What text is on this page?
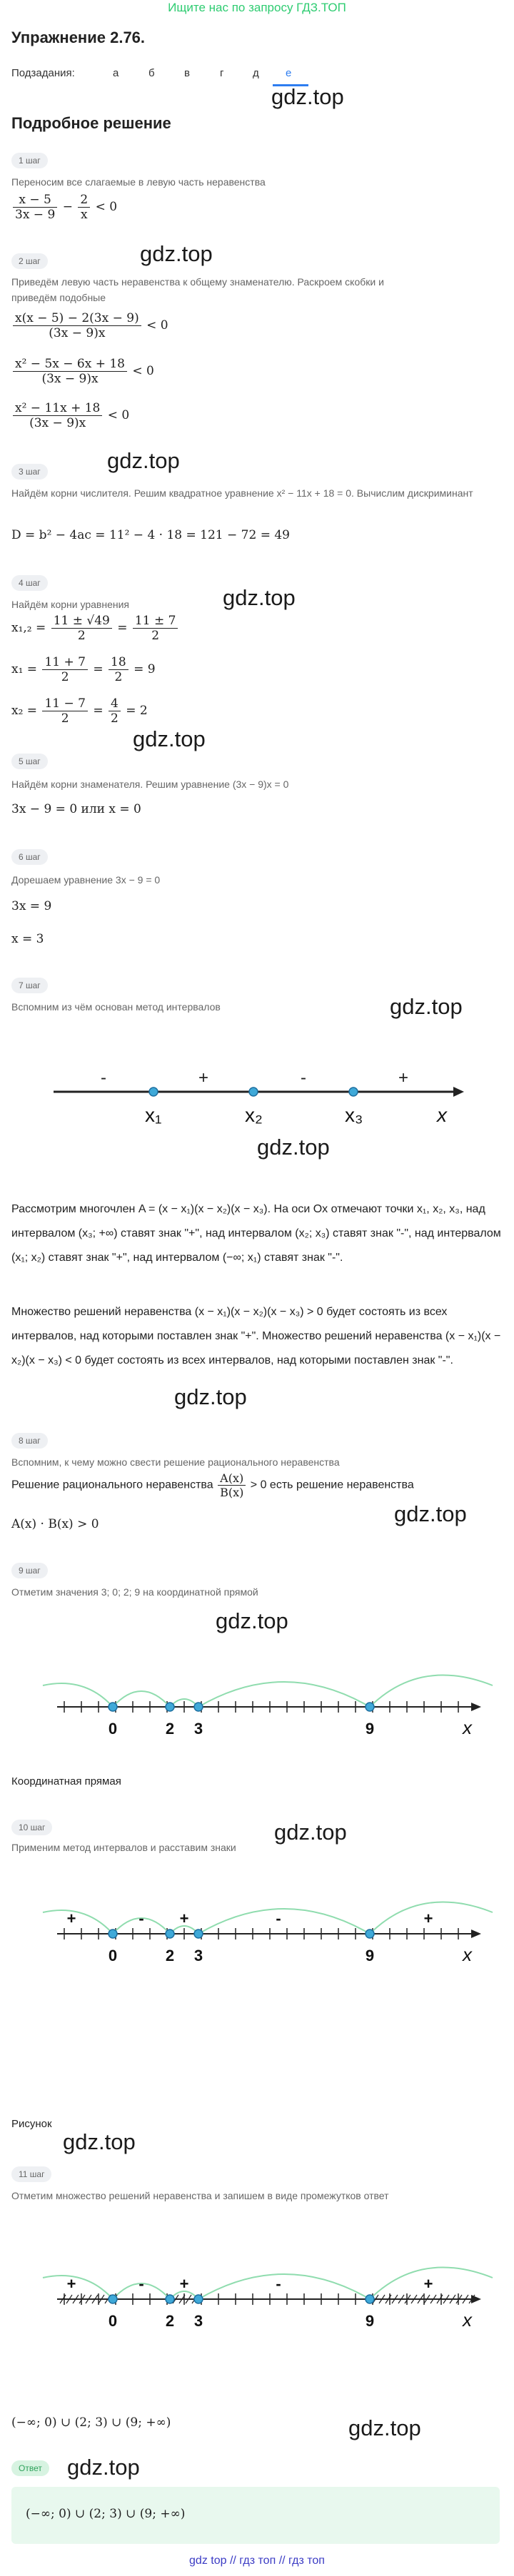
Ищите нас по запросу ГДЗ.ТОП
Упражнение 2.76.
Подзадания:	а	б	в	г	д е
gdz.top
Подробное решение
1 шаг
Переносим все слагаемые в левую часть неравенства
$\frac{x - 5}{3x - 9} - \frac{2}{x} < 0$
gdz.top
2 шаг
Приведём левую часть неравенства к общему знаменателю. Раскроем скобки и приведём подобные
$\frac{x(x - 5) - 2(3x - 9)}{(3x - 9)x} < 0$
$\frac{\text{x² − 5x − 6x + 18}}{(3x - 9)x} < 0$
$\frac{\text{x² − 11x + 18}}{(3x - 9)x} < 0$
gdz.top
3 шаг
Найдём корни числителя. Решим квадратное уравнение x² − 11x + 18 = 0. Вычислим дискриминант
D = b² − 4ac = 11² − 4 · 18 = 121 − 72 = 49
gdz.top
4 шаг
Найдём корни уравнения
$x_1,_2 = \frac{11 \pm √49}{2} = \frac{11 \pm 7}{2}$
$x_1 = \frac{11 + 7}{2} = \frac{18}{2} = 9$
$x_2 = \frac{11 - 7}{2} = \frac{4}{2} = 2$
gdz.top
5 шаг
Найдём корни знаменателя. Решим уравнение (3x − 9)x = 0
3x − 9 = 0 или x = 0
6 шаг
Дорешаем уравнение 3x − 9 = 0
3x = 9
x = 3
7 шаг
Вспомним из чём основан метод интервалов	gdz.top
x₁	x₂	x₃
-	+	-	+
x
gdz.top
Рассмотрим многочлен A = (x − x₁)(x − x₂)(x − x₃). На оси Ox отмечают точки x₁, x₂, x₃, над интервалом (x₃; +∞) ставят знак "+", над интервалом (x₂; x₃) ставят знак "-", над интервалом (x₁; x₂) ставят знак "+", над интервалом (−∞; x₁) ставят знак "-".
Множество решений неравенства (x − x₁)(x − x₂)(x − x₃) > 0 будет состоять из всех интервалов, над которыми поставлен знак "+". Множество решений неравенства (x − x₁)(x − x₂)(x − x₃) < 0 будет состоять из всех интервалов, над которыми поставлен знак "-".
gdz.top
8 шаг
Вспомним, к чему можно свести решение рационального неравенства
Решение рационального неравенства $\frac{A(x)}{B(x)} > 0$ есть решение неравенства
gdz.top
A(x) · B(x) > 0
9 шаг
Отметим значения 3; 0; 2; 9 на координатной прямой
gdz.top
0	2 3	9	x
Координатная прямая
10 шаг
Применим метод интервалов и расставим знаки
gdz.top
0	2 3	9	x
+	- +	-	+
Рисунок
gdz.top
11 шаг
Отметим множество решений неравенства и запишем в виде промежутков ответ
0	2 3	9	x
+	- +	-	+
(−∞; 0) ∪ (2; 3) ∪ (9; +∞)	gdz.top
Ответ	gdz.top
(−∞; 0) ∪ (2; 3) ∪ (9; +∞)
gdz top // гдз топ // гдз топ
